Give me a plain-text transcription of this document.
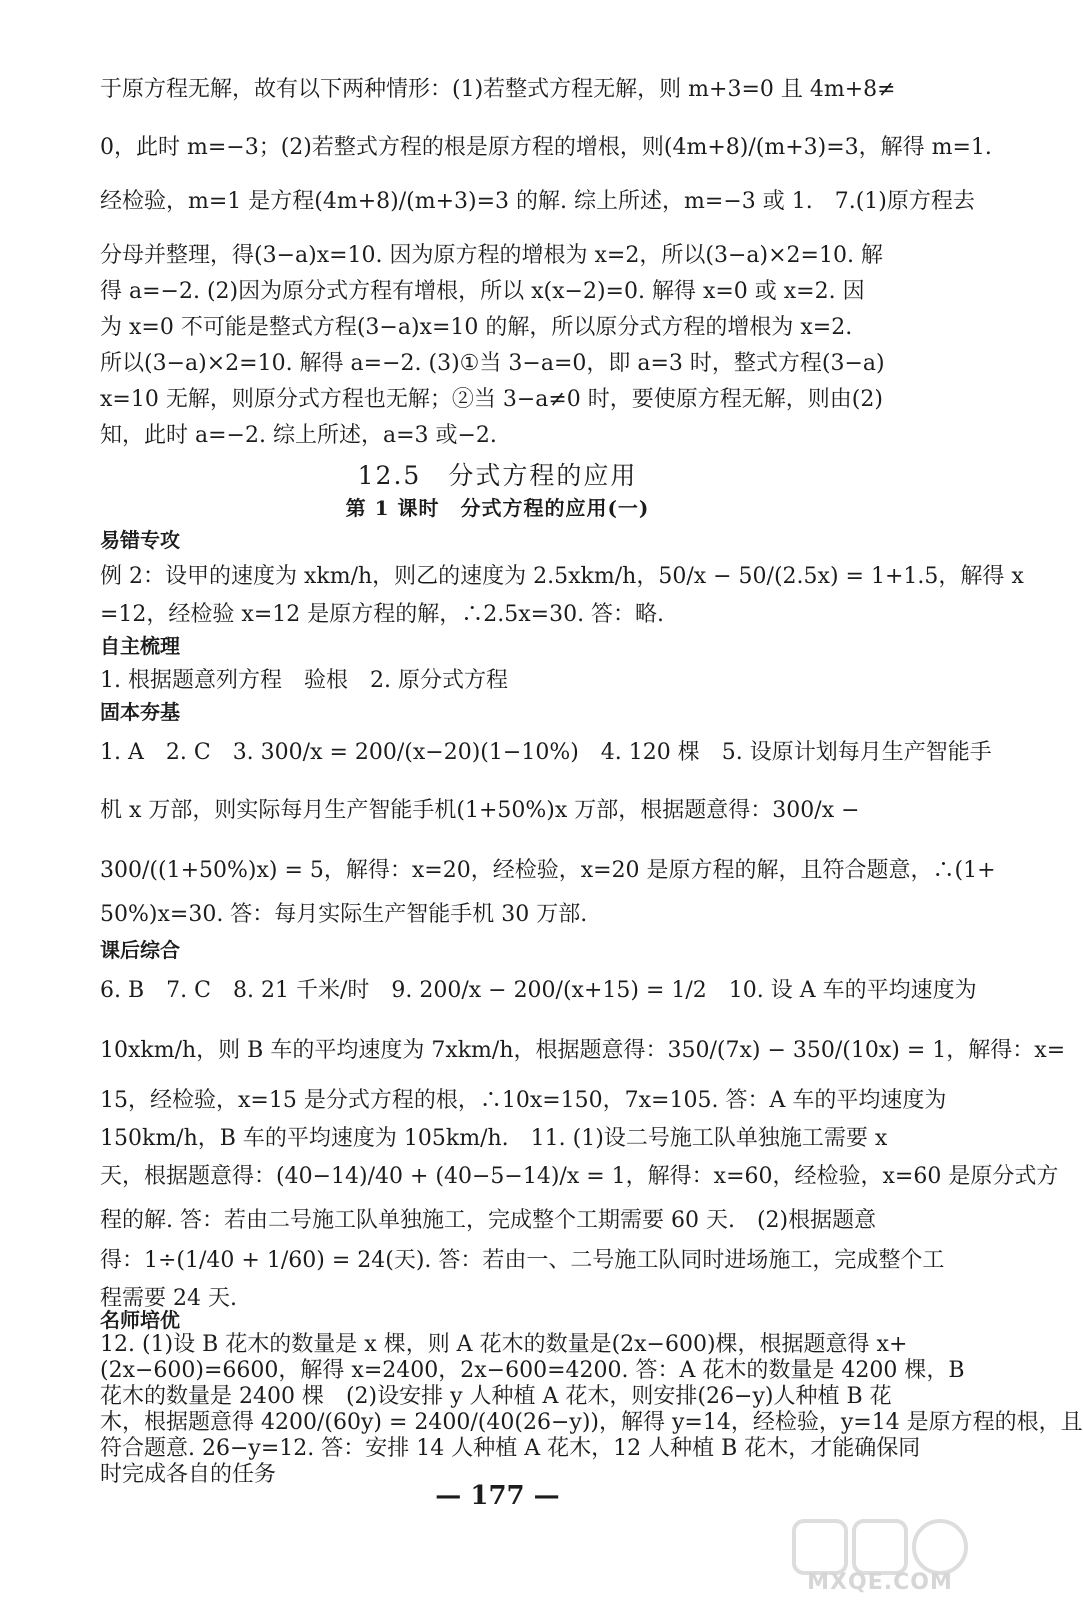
于原方程无解，故有以下两种情形：(1)若整式方程无解，则 m+3=0 且 4m+8≠
0，此时 m=−3；(2)若整式方程的根是原方程的增根，则(4m+8)/(m+3)=3，解得 m=1.
经检验，m=1 是方程(4m+8)/(m+3)=3 的解. 综上所述，m=−3 或 1.　7.(1)原方程去
分母并整理，得(3−a)x=10. 因为原方程的增根为 x=2，所以(3−a)×2=10. 解
得 a=−2. (2)因为原分式方程有增根，所以 x(x−2)=0. 解得 x=0 或 x=2. 因
为 x=0 不可能是整式方程(3−a)x=10 的解，所以原分式方程的增根为 x=2.
所以(3−a)×2=10. 解得 a=−2. (3)①当 3−a=0，即 a=3 时，整式方程(3−a)
x=10 无解，则原分式方程也无解；②当 3−a≠0 时，要使原方程无解，则由(2)
知，此时 a=−2. 综上所述，a=3 或−2.
12.5　分式方程的应用
第 1 课时　分式方程的应用(一)
易错专攻
例 2：设甲的速度为 xkm/h，则乙的速度为 2.5xkm/h，50/x − 50/(2.5x) = 1+1.5，解得 x
=12，经检验 x=12 是原方程的解，∴2.5x=30. 答：略.
自主梳理
1. 根据题意列方程　验根　2. 原分式方程
固本夯基
1. A　2. C　3. 300/x = 200/(x−20)(1−10%)　4. 120 棵　5. 设原计划每月生产智能手
机 x 万部，则实际每月生产智能手机(1+50%)x 万部，根据题意得：300/x −
300/((1+50%)x) = 5，解得：x=20，经检验，x=20 是原方程的解，且符合题意，∴(1+
50%)x=30. 答：每月实际生产智能手机 30 万部.
课后综合
6. B　7. C　8. 21 千米/时　9. 200/x − 200/(x+15) = 1/2　10. 设 A 车的平均速度为
10xkm/h，则 B 车的平均速度为 7xkm/h，根据题意得：350/(7x) − 350/(10x) = 1，解得：x=
15，经检验，x=15 是分式方程的根，∴10x=150，7x=105. 答：A 车的平均速度为
150km/h，B 车的平均速度为 105km/h.　11. (1)设二号施工队单独施工需要 x
天，根据题意得：(40−14)/40 + (40−5−14)/x = 1，解得：x=60，经检验，x=60 是原分式方
程的解. 答：若由二号施工队单独施工，完成整个工期需要 60 天.　(2)根据题意
得：1÷(1/40 + 1/60) = 24(天). 答：若由一、二号施工队同时进场施工，完成整个工
程需要 24 天.
名师培优
12. (1)设 B 花木的数量是 x 棵，则 A 花木的数量是(2x−600)棵，根据题意得 x+
(2x−600)=6600，解得 x=2400，2x−600=4200. 答：A 花木的数量是 4200 棵，B
花木的数量是 2400 棵　(2)设安排 y 人种植 A 花木，则安排(26−y)人种植 B 花
木，根据题意得 4200/(60y) = 2400/(40(26−y))，解得 y=14，经检验，y=14 是原方程的根，且
符合题意. 26−y=12. 答：安排 14 人种植 A 花木，12 人种植 B 花木，才能确保同
时完成各自的任务
— 177 —
MXQE.COM
